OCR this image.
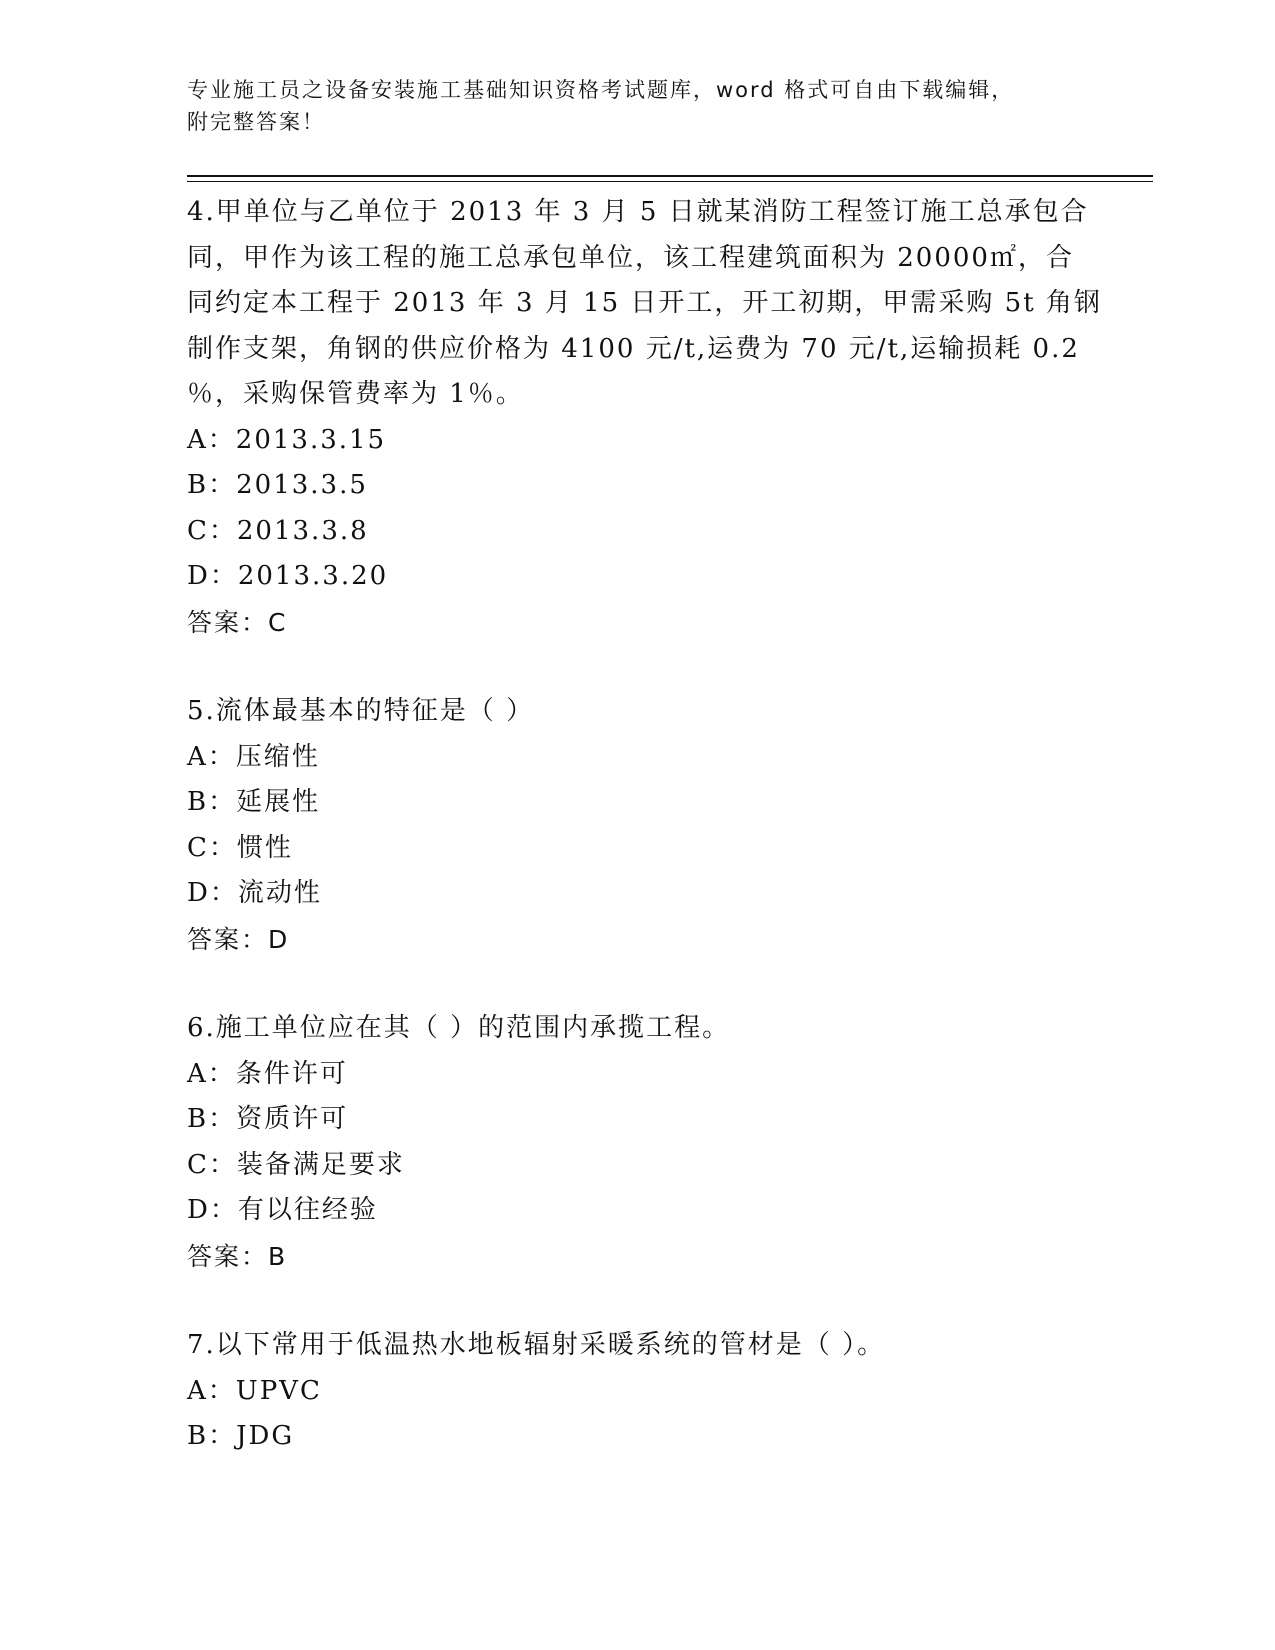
专业施工员之设备安装施工基础知识资格考试题库，word 格式可自由下载编辑，
附完整答案！
4.甲单位与乙单位于 2013 年 3 月 5 日就某消防工程签订施工总承包合
同，甲作为该工程的施工总承包单位，该工程建筑面积为 20000㎡，合
同约定本工程于 2013 年 3 月 15 日开工，开工初期，甲需采购 5t 角钢
制作支架，角钢的供应价格为 4100 元/t,运费为 70 元/t,运输损耗 0.2
％，采购保管费率为 1％。
A：2013.3.15
B：2013.3.5
C：2013.3.8
D：2013.3.20
答案：C
5.流体最基本的特征是（ ）
A：压缩性
B：延展性
C：惯性
D：流动性
答案：D
6.施工单位应在其（ ）的范围内承揽工程。
A：条件许可
B：资质许可
C：装备满足要求
D：有以往经验
答案：B
7.以下常用于低温热水地板辐射采暖系统的管材是（ ）。
A：UPVC
B：JDG
